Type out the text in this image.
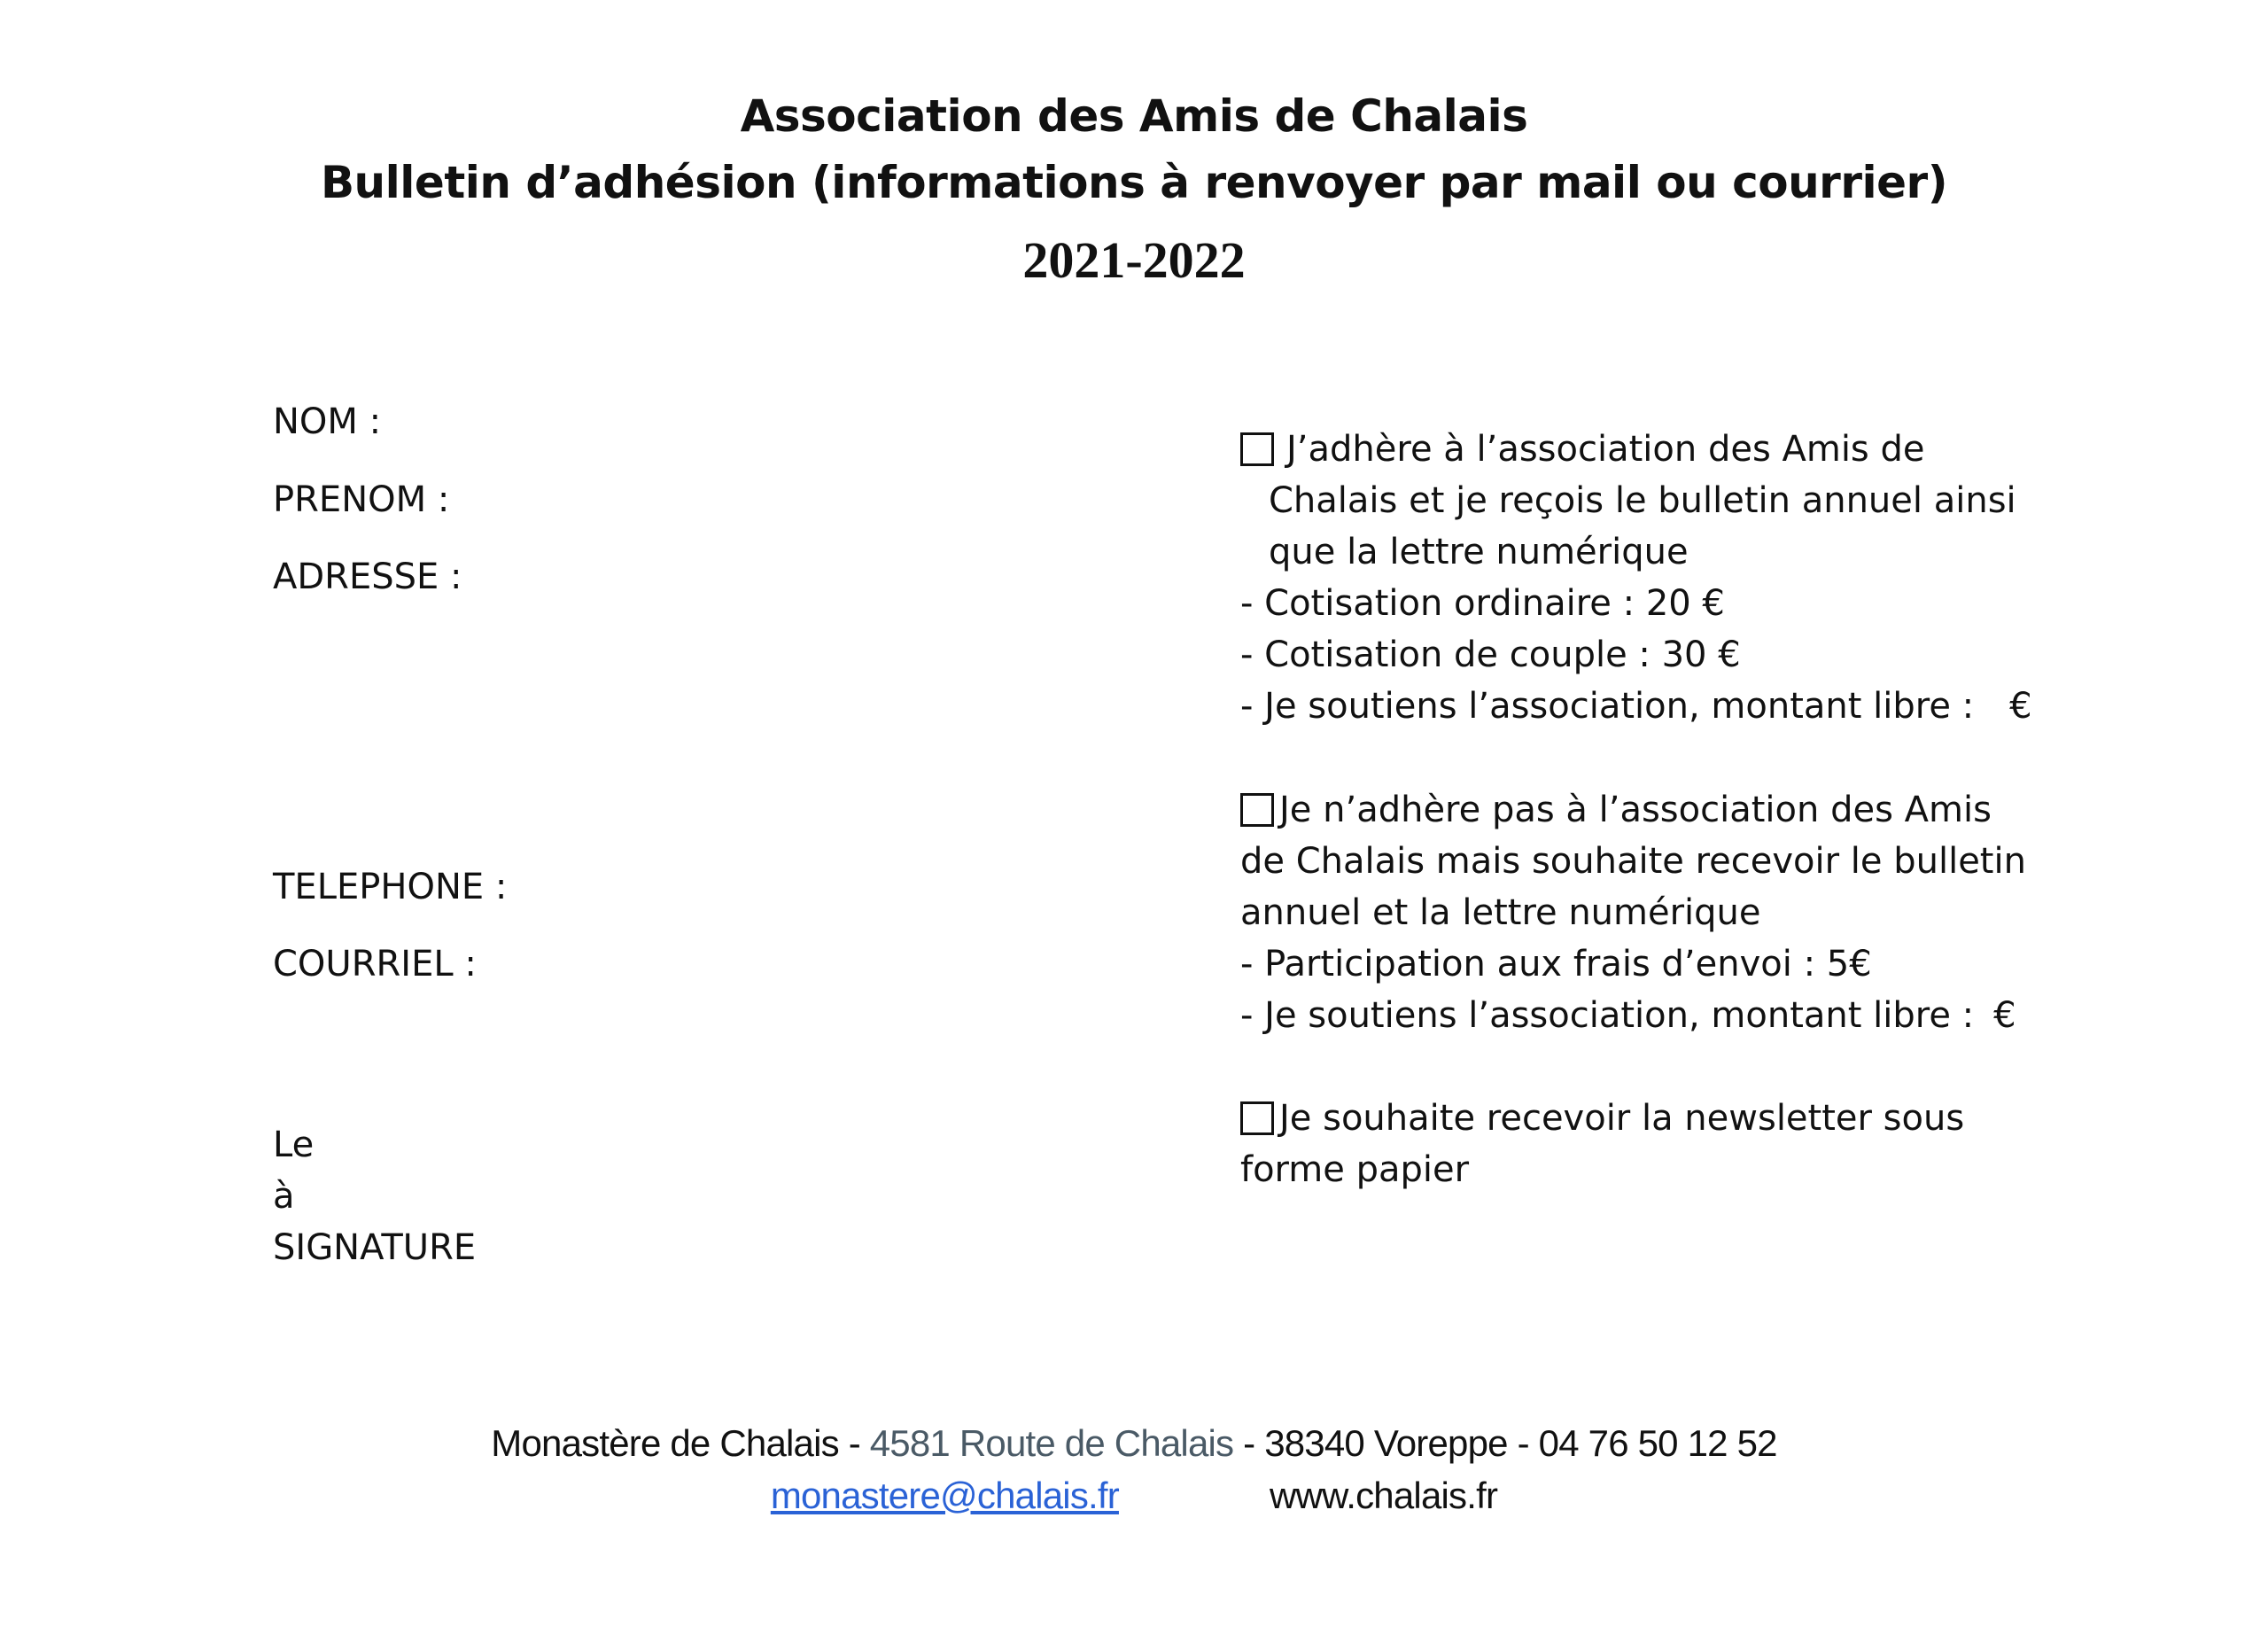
Association des Amis de Chalais
Bulletin d’adhésion (informations à renvoyer par mail ou courrier)
2021-2022
NOM :
PRENOM :
ADRESSE :
TELEPHONE :
COURRIEL :
Le
à
SIGNATURE
J’adhère à l’association des Amis de
Chalais et je reçois le bulletin annuel ainsi
que la lettre numérique
- Cotisation ordinaire : 20 €
- Cotisation de couple : 30 €
- Je soutiens l’association, montant libre : €
Je n’adhère pas à l’association des Amis
de Chalais mais souhaite recevoir le bulletin
annuel et la lettre numérique
- Participation aux frais d’envoi : 5€
- Je soutiens l’association, montant libre : €
Je souhaite recevoir la newsletter sous
forme papier
Monastère de Chalais - 4581 Route de Chalais - 38340 Voreppe - 04 76 50 12 52
monastere@chalais.fr	www.chalais.fr
